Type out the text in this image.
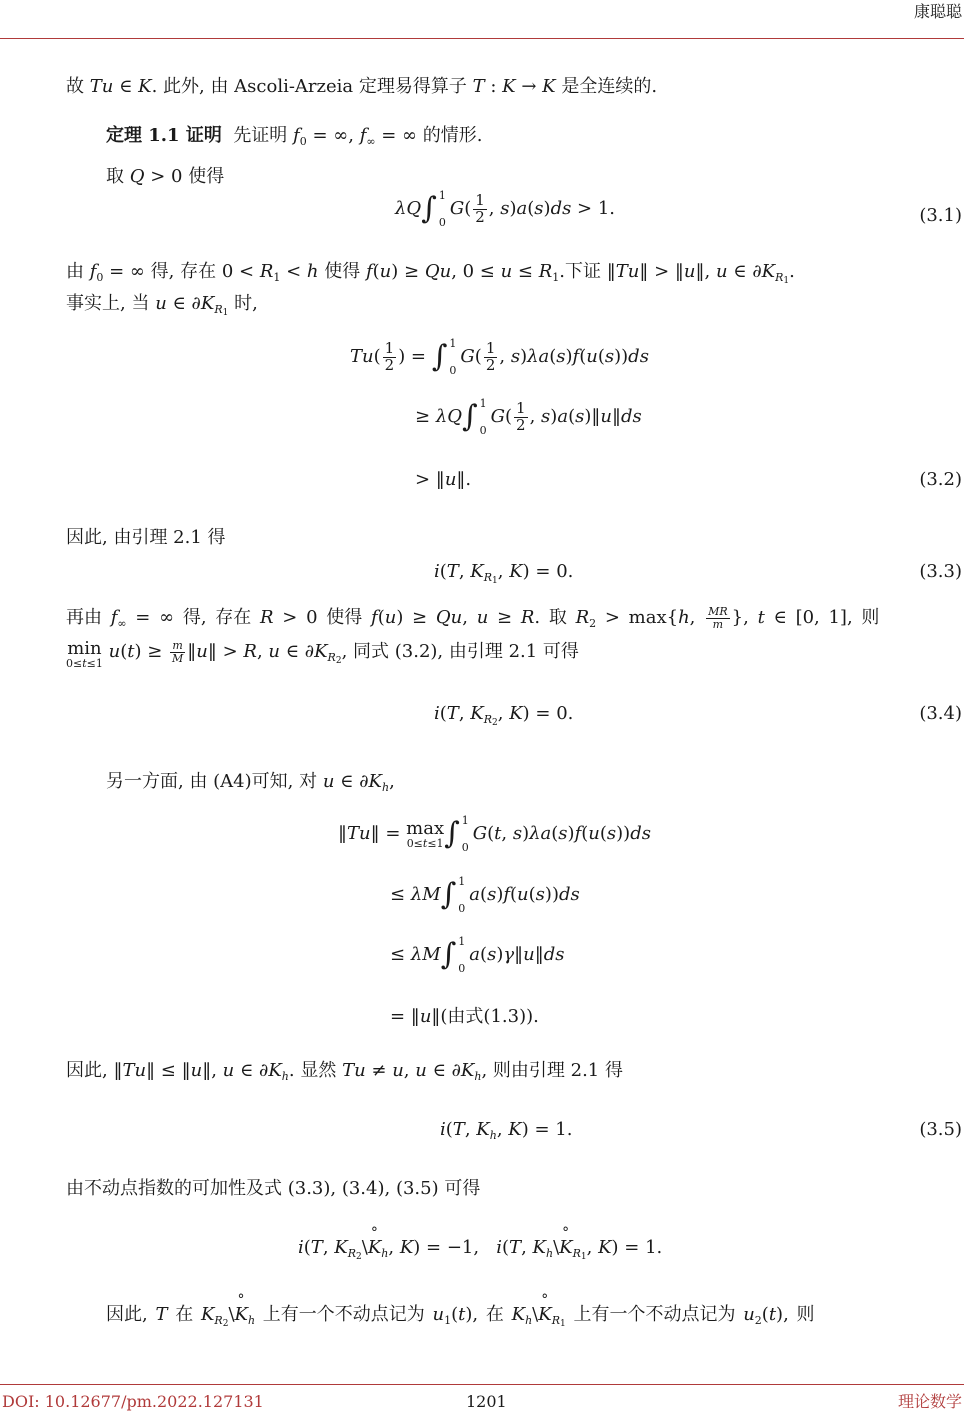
康聪聪
故 Tu ∈ K. 此外, 由 Ascoli-Arzeia 定理易得算子 T : K → K 是全连续的.
定理 1.1 证明 先证明 $f_0$ = ∞, $f_\infty$ = ∞ 的情形.
取 Q > 0 使得
λQ∫ 1
0
$G( \frac{1}{2}$ , s)a(s)ds > 1.	(3.1)
由 $f_0$ = ∞ 得, 存在 $0 < R_1 < h$ 使得 f(u) ≥ Qu, $0 \le u \le R_1$.下证 ‖Tu‖ > ‖u‖, u ∈ $\partial K_{R1}$.
事实上, 当 u ∈ $\partial K_{R1}$ 时,
$Tu( \frac{1}{2}$ ) = ∫ 1
0
$G( \frac{1}{2}$ , s)λa(s)f(u(s))ds
≥ λQ∫ 1
0
$G( \frac{1}{2}$ , s)a(s)‖u‖ds
> ‖u‖.	(3.2)
因此, 由引理 2.1 得
i(T, $K_{R1}$, K) = 0.	(3.3)
再由 $f_\infty$ = ∞ 得, 存在 R > 0 使得 f(u) ≥ Qu, u ≥ R. 取 $R_2 > \max\{h$, $\frac{MR}{m}$ }, t ∈ [0, 1], 则
min
0≤t≤1
$u(t) \ge \frac{m}{M}$ ‖u‖ > R, u ∈ $\partial K_{R2}$, 同式 (3.2), 由引理 2.1 可得
i(T, $K_{R2}$, K) = 0.	(3.4)
另一方面, 由 (A4)可知, 对 u ∈ $\partial K_h$,
‖Tu‖ = max
0≤t≤1 ∫ 1
0
G(t, s)λa(s)f(u(s))ds
≤ λM∫ 1
0
a(s)f(u(s))ds
≤ λM∫ 1
0
a(s)γ‖u‖ds
= ‖u‖(由式(1.3)).
因此, ‖Tu‖ ≤ ‖u‖, u ∈ $\partial K_h$. 显然 Tu ≠ u, u ∈ $\partial K_h$, 则由引理 2.1 得
i(T, $K_h$, K) = 1.	(3.5)
由不动点指数的可加性及式 (3.3), (3.4), (3.5) 可得
i(T, $K_{R2}\backslash^\circ$ $K_h$, K) = −1,   i(T, $K_h\backslash^\circ$ $K_{R1}$, K) = 1.
因此, T 在 $K_{R2}\backslash^\circ$ $K_h$ 上有一个不动点记为 $u_1(t)$, 在 $K_h\backslash^\circ$ $K_{R1}$ 上有一个不动点记为 $u_2(t)$, 则
DOI: 10.12677/pm.2022.127131	1201	理论数学
